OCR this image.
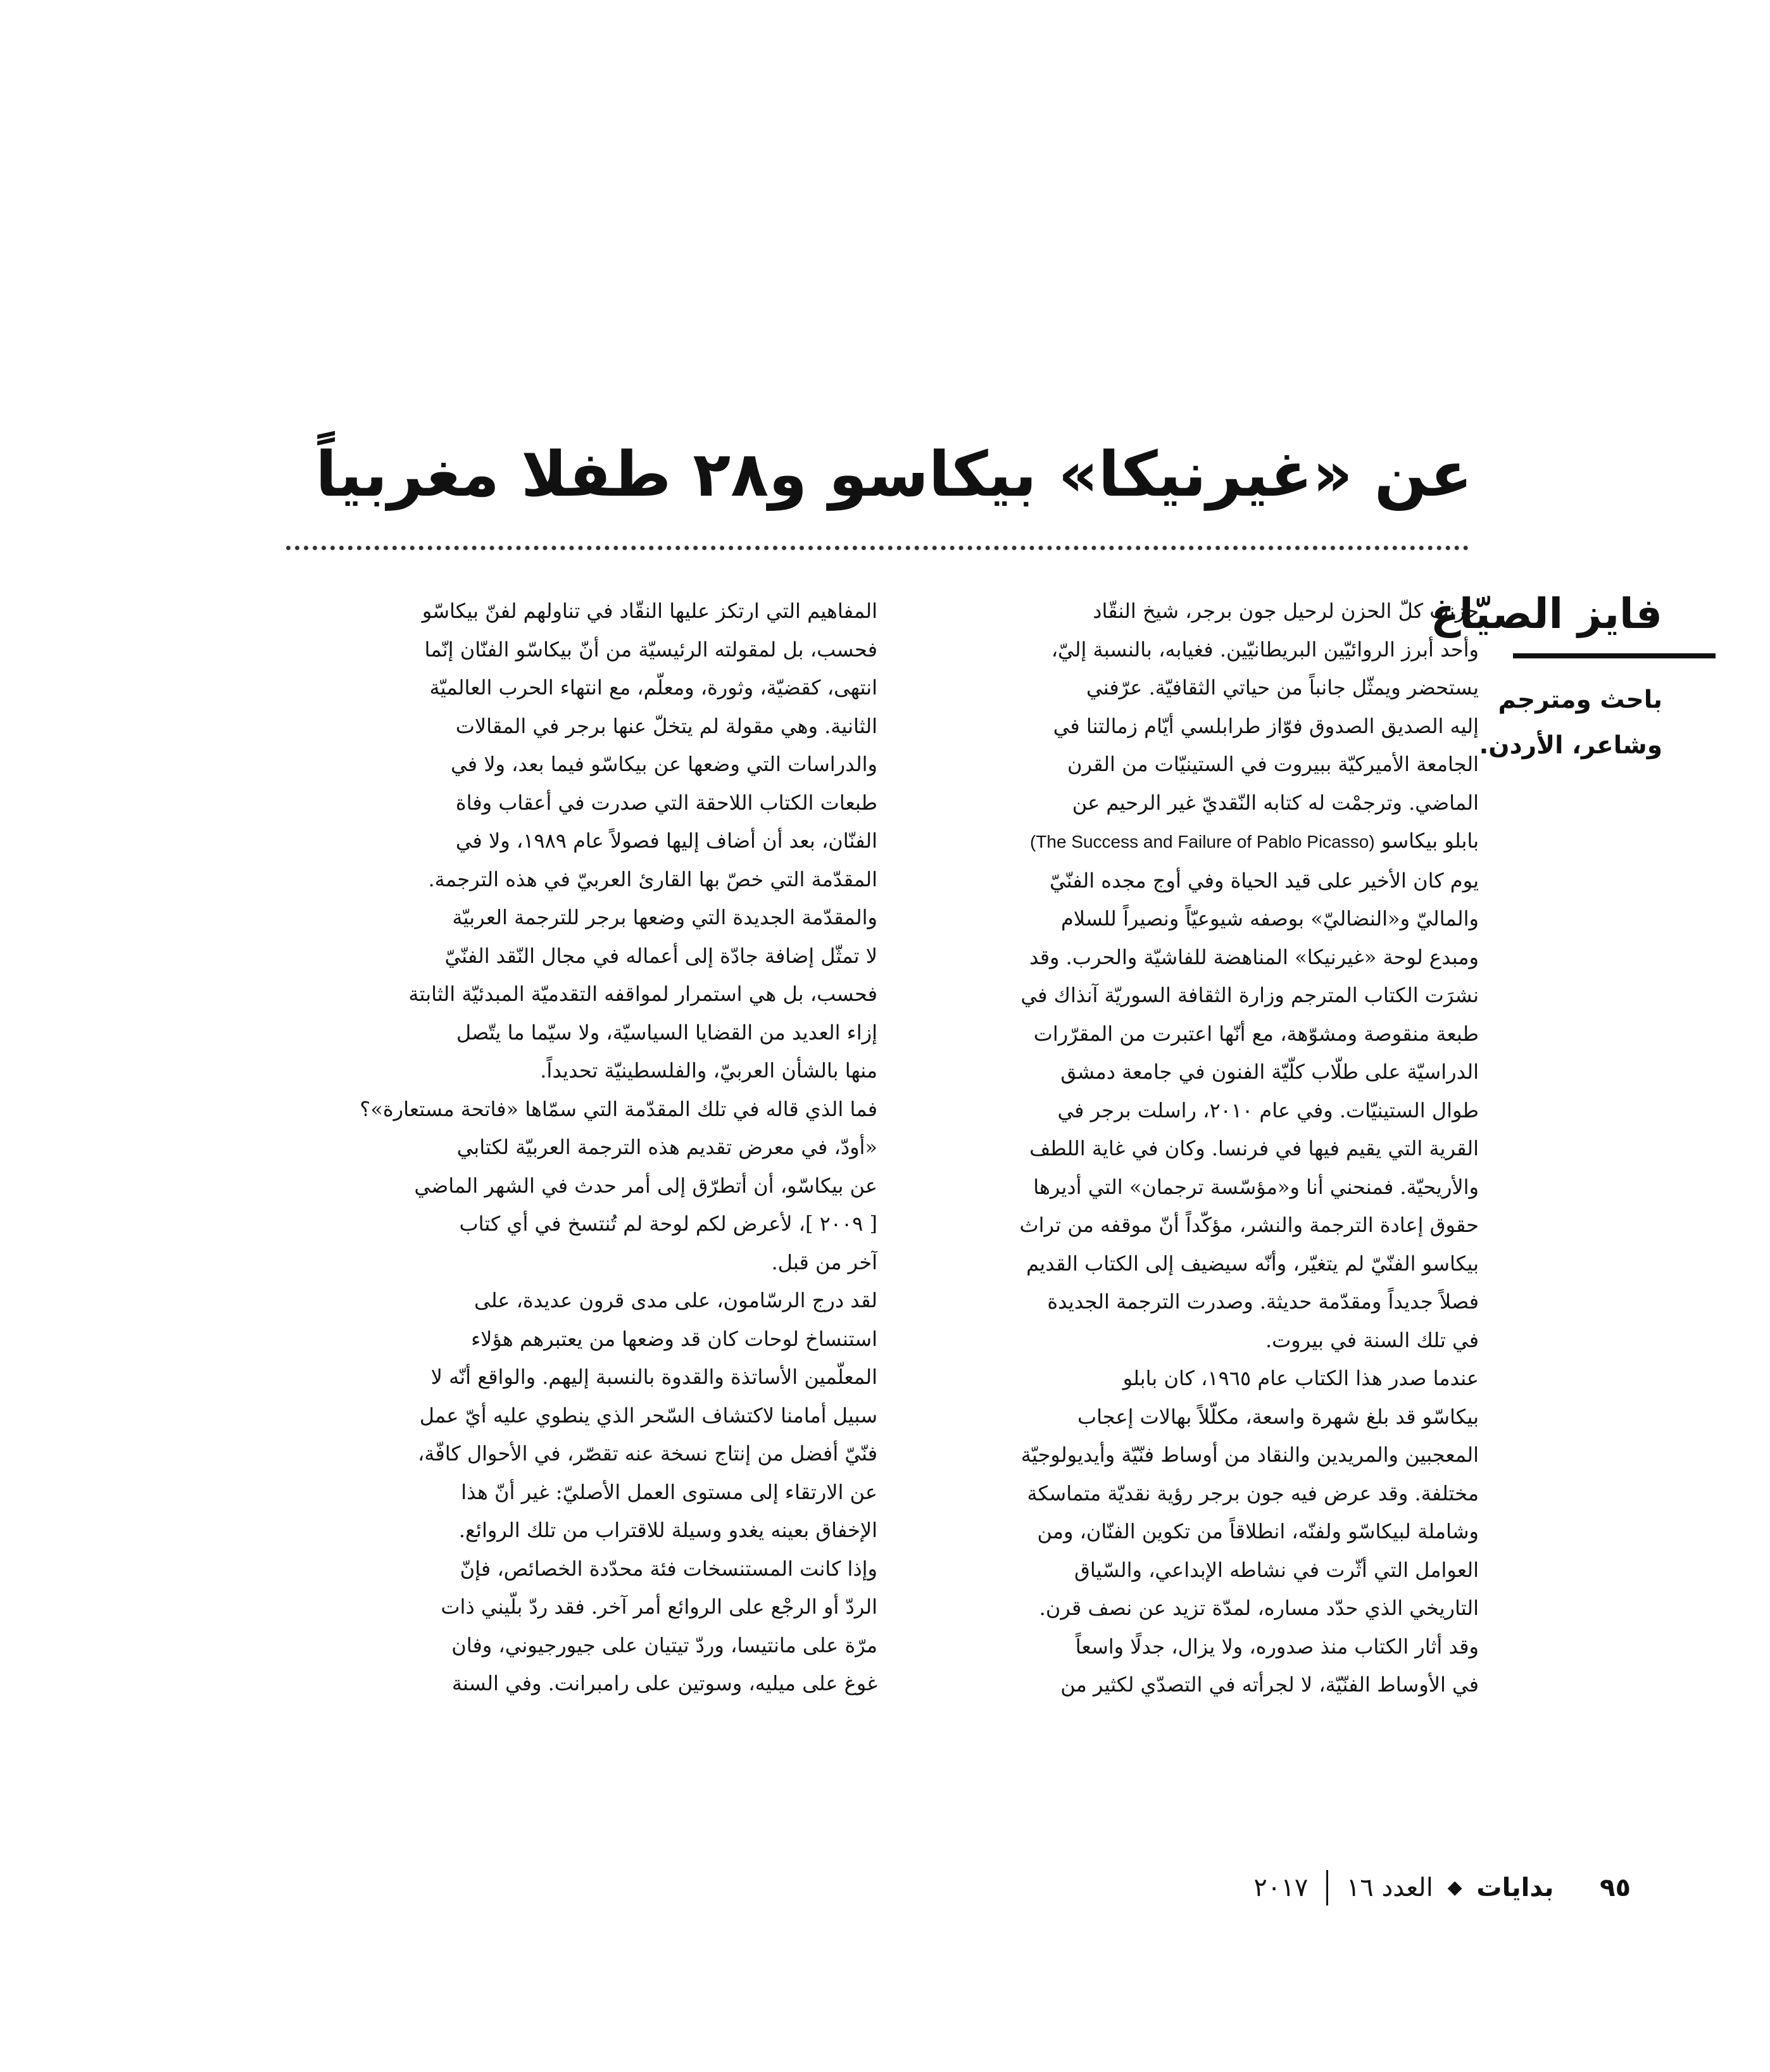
عن «غيرنيكا» بيكاسو و٢٨ طفلا مغربياً
فايز الصيّاغ
باحث ومترجم
وشاعر، الأردن.
حزنت كلّ الحزن لرحيل جون برجر، شيخ النقّاد
وأحد أبرز الروائيّين البريطانيّين. فغيابه، بالنسبة إليّ،
يستحضر ويمثّل جانباً من حياتي الثقافيّة. عرّفني
إليه الصديق الصدوق فوّاز طرابلسي أيّام زمالتنا في
الجامعة الأميركيّة ببيروت في الستينيّات من القرن
الماضي. وترجمْت له كتابه النّقديّ غير الرحيم عن
بابلو بيكاسو (The Success and Failure of Pablo Picasso)
يوم كان الأخير على قيد الحياة وفي أوج مجده الفنّيّ
والماليّ و«النضاليّ» بوصفه شيوعيّاً ونصيراً للسلام
ومبدع لوحة «غيرنيكا» المناهضة للفاشيّة والحرب. وقد
نشرَت الكتاب المترجم وزارة الثقافة السوريّة آنذاك في
طبعة منقوصة ومشوّهة، مع أنّها اعتبرت من المقرّرات
الدراسيّة على طلّاب كلّيّة الفنون في جامعة دمشق
طوال الستينيّات. وفي عام ٢٠١٠، راسلت برجر في
القرية التي يقيم فيها في فرنسا. وكان في غاية اللطف
والأريحيّة. فمنحني أنا و«مؤسّسة ترجمان» التي أديرها
حقوق إعادة الترجمة والنشر، مؤكّداً أنّ موقفه من تراث
بيكاسو الفنّيّ لم يتغيّر، وأنّه سيضيف إلى الكتاب القديم
فصلاً جديداً ومقدّمة حديثة. وصدرت الترجمة الجديدة
في تلك السنة في بيروت.
عندما صدر هذا الكتاب عام ١٩٦٥، كان بابلو
بيكاسّو قد بلغ شهرة واسعة، مكلّلاً بهالات إعجاب
المعجبين والمريدين والنقاد من أوساط فنّيّة وأيديولوجيّة
مختلفة. وقد عرض فيه جون برجر رؤية نقديّة متماسكة
وشاملة لبيكاسّو ولفنّه، انطلاقاً من تكوين الفنّان، ومن
العوامل التي أثّرت في نشاطه الإبداعي، والسّياق
التاريخي الذي حدّد مساره، لمدّة تزيد عن نصف قرن.
وقد أثار الكتاب منذ صدوره، ولا يزال، جدلًا واسعاً
في الأوساط الفنّيّة، لا لجرأته في التصدّي لكثير من
المفاهيم التي ارتكز عليها النقّاد في تناولهم لفنّ بيكاسّو
فحسب، بل لمقولته الرئيسيّة من أنّ بيكاسّو الفنّان إنّما
انتهى، كقضيّة، وثورة، ومعلّم، مع انتهاء الحرب العالميّة
الثانية. وهي مقولة لم يتخلّ عنها برجر في المقالات
والدراسات التي وضعها عن بيكاسّو فيما بعد، ولا في
طبعات الكتاب اللاحقة التي صدرت في أعقاب وفاة
الفنّان، بعد أن أضاف إليها فصولاً عام ١٩٨٩، ولا في
المقدّمة التي خصّ بها القارئ العربيّ في هذه الترجمة.
والمقدّمة الجديدة التي وضعها برجر للترجمة العربيّة
لا تمثّل إضافة جادّة إلى أعماله في مجال النّقد الفنّيّ
فحسب، بل هي استمرار لمواقفه التقدميّة المبدئيّة الثابتة
إزاء العديد من القضايا السياسيّة، ولا سيّما ما يتّصل
منها بالشأن العربيّ، والفلسطينيّة تحديداً.
فما الذي قاله في تلك المقدّمة التي سمّاها «فاتحة مستعارة»؟
«أودّ، في معرض تقديم هذه الترجمة العربيّة لكتابي
عن بيكاسّو، أن أتطرّق إلى أمر حدث في الشهر الماضي
[ ٢٠٠٩ ]، لأعرض لكم لوحة لم تُنتسخ في أي كتاب
آخر من قبل.
لقد درج الرسّامون، على مدى قرون عديدة، على
استنساخ لوحات كان قد وضعها من يعتبرهم هؤلاء
المعلّمين الأساتذة والقدوة بالنسبة إليهم. والواقع أنّه لا
سبيل أمامنا لاكتشاف السّحر الذي ينطوي عليه أيّ عمل
فنّيّ أفضل من إنتاج نسخة عنه تقصّر، في الأحوال كافّة،
عن الارتقاء إلى مستوى العمل الأصليّ: غير أنّ هذا
الإخفاق بعينه يغدو وسيلة للاقتراب من تلك الروائع.
وإذا كانت المستنسخات فئة محدّدة الخصائص، فإنّ
الردّ أو الرجْع على الروائع أمر آخر. فقد ردّ بلّيني ذات
مرّة على مانتيسا، وردّ تيتيان على جيورجيوني، وفان
غوغ على ميليه، وسوتين على رامبرانت. وفي السنة
٩٥ بدايات ◆ العدد ١٦  ٢٠١٧
